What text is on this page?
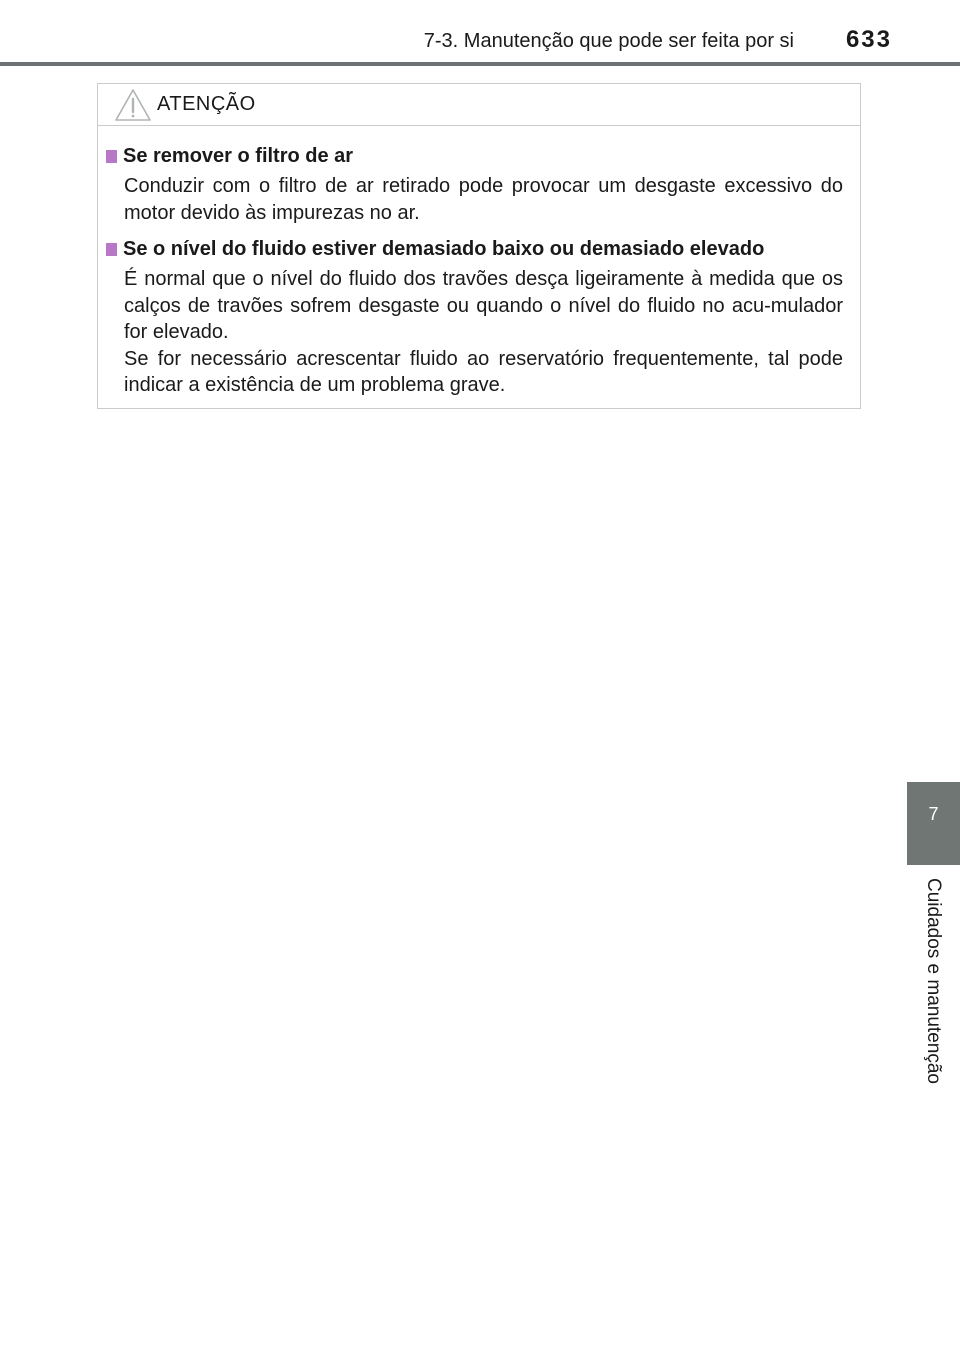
7-3. Manutenção que pode ser feita por si 633
ATENÇÃO
Se remover o filtro de ar

Conduzir com o filtro de ar retirado pode provocar um desgaste excessivo do motor devido às impurezas no ar.

Se o nível do fluido estiver demasiado baixo ou demasiado elevado

É normal que o nível do fluido dos travões desça ligeiramente à medida que os calços de travões sofrem desgaste ou quando o nível do fluido no acu-mulador for elevado.

Se for necessário acrescentar fluido ao reservatório frequentemente, tal pode indicar a existência de um problema grave.

7
Cuidados e manutenção
